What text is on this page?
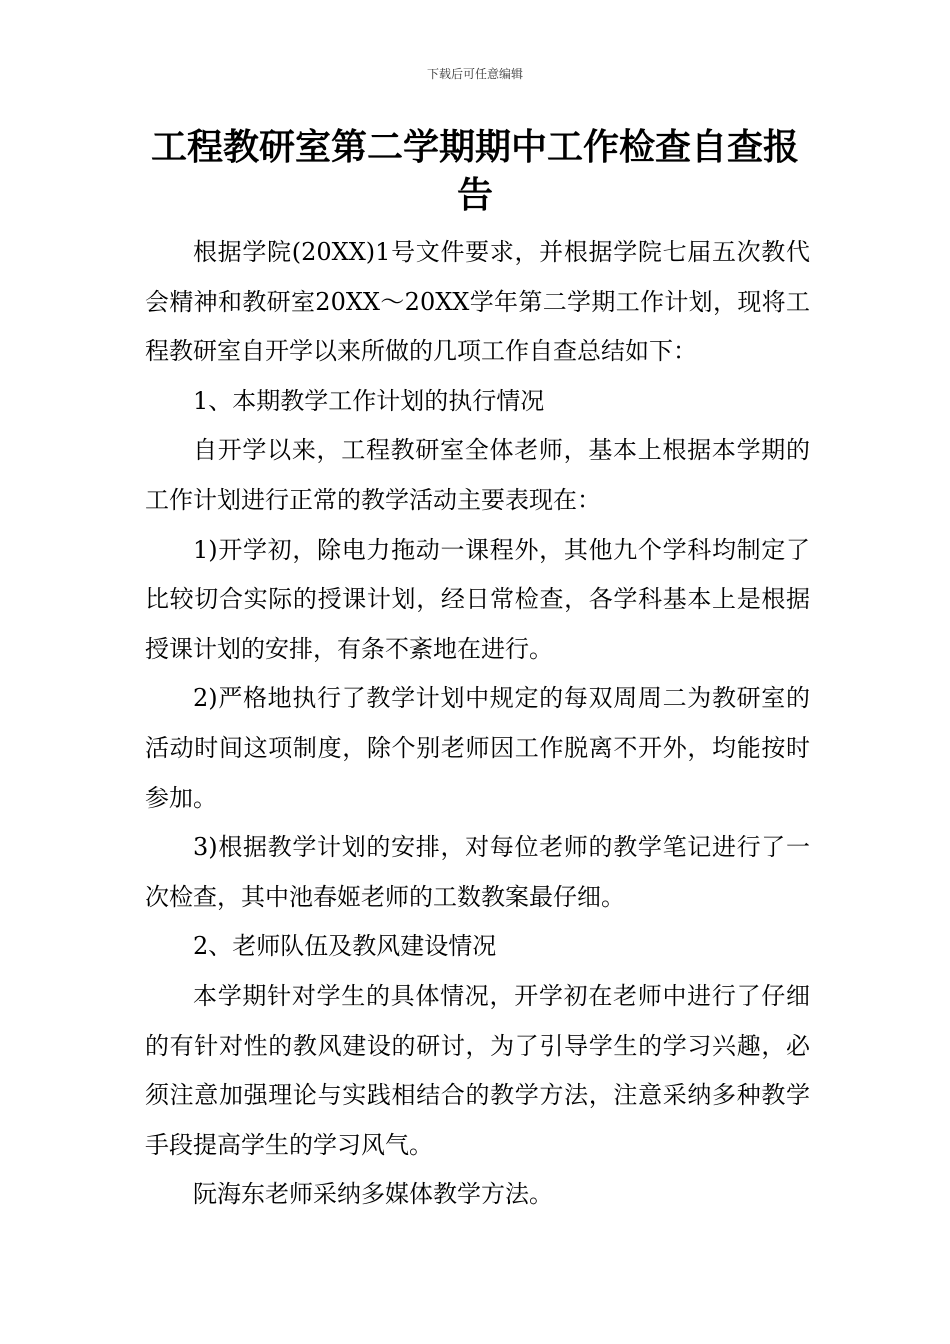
下载后可任意编辑
工程教研室第二学期期中工作检查自查报告

根据学院(20XX)1号文件要求，并根据学院七届五次教代会精神和教研室20XX～20XX学年第二学期工作计划，现将工程教研室自开学以来所做的几项工作自查总结如下：

1、本期教学工作计划的执行情况

自开学以来，工程教研室全体老师，基本上根据本学期的工作计划进行正常的教学活动主要表现在：

1)开学初，除电力拖动一课程外，其他九个学科均制定了比较切合实际的授课计划，经日常检查，各学科基本上是根据授课计划的安排，有条不紊地在进行。

2)严格地执行了教学计划中规定的每双周周二为教研室的活动时间这项制度，除个别老师因工作脱离不开外，均能按时参加。

3)根据教学计划的安排，对每位老师的教学笔记进行了一次检查，其中池春姬老师的工数教案最仔细。

2、老师队伍及教风建设情况

本学期针对学生的具体情况，开学初在老师中进行了仔细的有针对性的教风建设的研讨，为了引导学生的学习兴趣，必须注意加强理论与实践相结合的教学方法，注意采纳多种教学手段提高学生的学习风气。

阮海东老师采纳多媒体教学方法。
